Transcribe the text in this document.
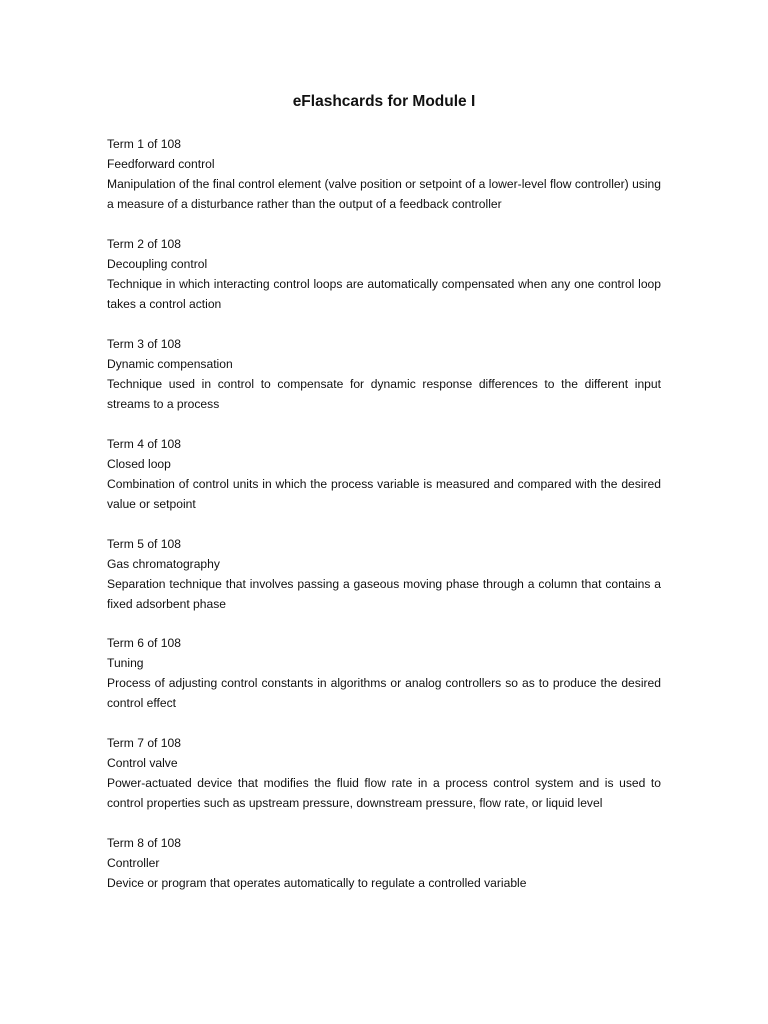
eFlashcards for Module I
Term 1 of 108
Feedforward control
Manipulation of the final control element (valve position or setpoint of a lower-level flow controller) using a measure of a disturbance rather than the output of a feedback controller
Term 2 of 108
Decoupling control
Technique in which interacting control loops are automatically compensated when any one control loop takes a control action
Term 3 of 108
Dynamic compensation
Technique used in control to compensate for dynamic response differences to the different input streams to a process
Term 4 of 108
Closed loop
Combination of control units in which the process variable is measured and compared with the desired value or setpoint
Term 5 of 108
Gas chromatography
Separation technique that involves passing a gaseous moving phase through a column that contains a fixed adsorbent phase
Term 6 of 108
Tuning
Process of adjusting control constants in algorithms or analog controllers so as to produce the desired control effect
Term 7 of 108
Control valve
Power-actuated device that modifies the fluid flow rate in a process control system and is used to control properties such as upstream pressure, downstream pressure, flow rate, or liquid level
Term 8 of 108
Controller
Device or program that operates automatically to regulate a controlled variable
